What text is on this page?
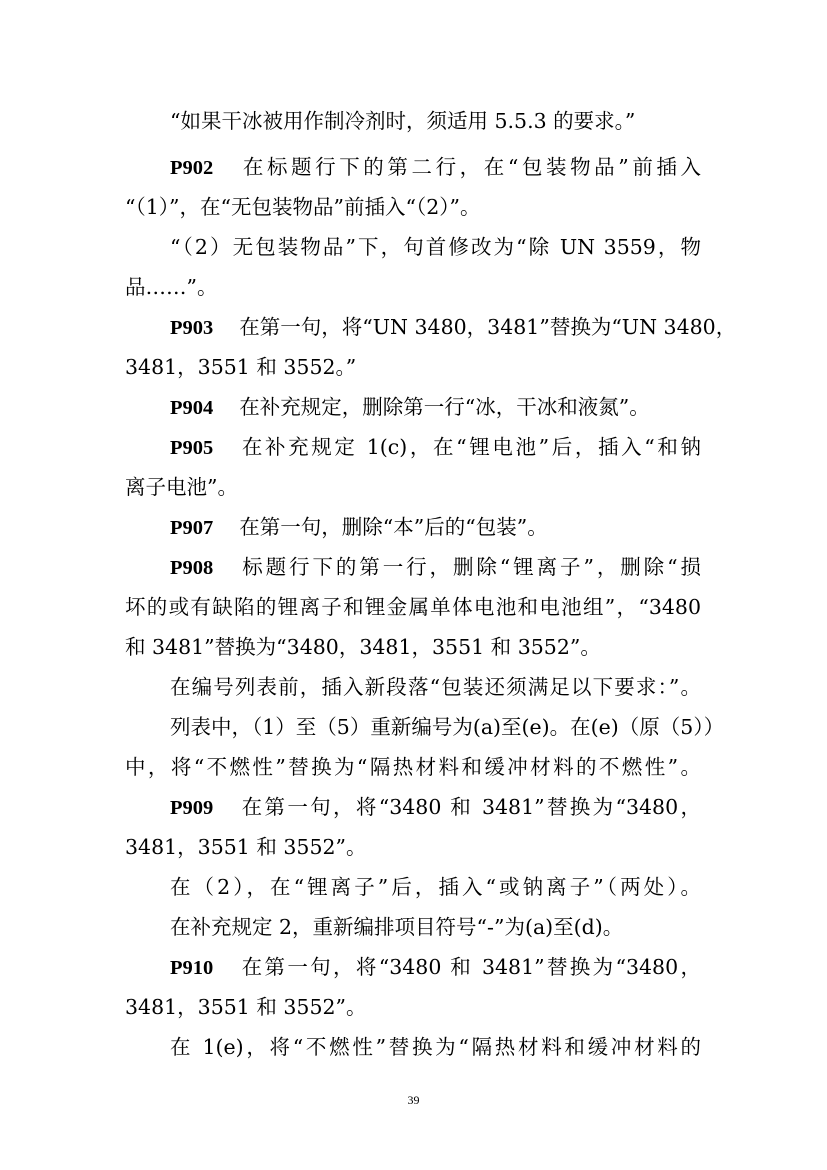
“如果干冰被用作制冷剂时，须适用 5.5.3 的要求。”
P902 在标题行下的第二行，在“包装物品”前插入
“（1）”，在“无包装物品”前插入“（2）”。
“（2）无包装物品”下，句首修改为“除 UN 3559，物
品……”。
P903 在第一句，将“UN 3480，3481”替换为“UN 3480，
3481，3551 和 3552。”
P904 在补充规定，删除第一行“冰，干冰和液氮”。
P905 在补充规定 1(c)，在“锂电池”后，插入“和钠
离子电池”。
P907 在第一句，删除“本”后的“包装”。
P908 标题行下的第一行，删除“锂离子”，删除“损
坏的或有缺陷的锂离子和锂金属单体电池和电池组”，“3480
和 3481”替换为“3480，3481，3551 和 3552”。
在编号列表前，插入新段落“包装还须满足以下要求：”。
列表中，（1）至（5）重新编号为(a)至(e)。在(e)（原（5））
中，将“不燃性”替换为“隔热材料和缓冲材料的不燃性”。
P909 在第一句，将“3480 和 3481”替换为“3480，
3481，3551 和 3552”。
在（2），在“锂离子”后，插入“或钠离子”（两处）。
在补充规定 2，重新编排项目符号“-”为(a)至(d)。
P910 在第一句，将“3480 和 3481”替换为“3480，
3481，3551 和 3552”。
在 1(e)，将“不燃性”替换为“隔热材料和缓冲材料的
39
